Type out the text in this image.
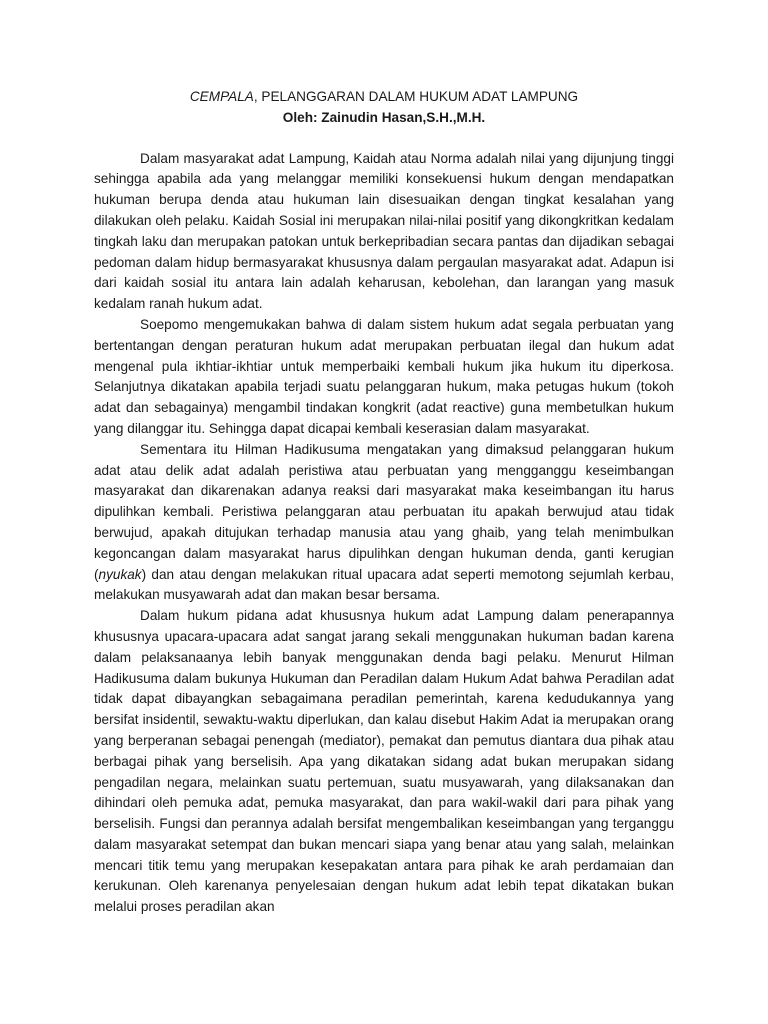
CEMPALA, PELANGGARAN DALAM HUKUM ADAT LAMPUNG

Oleh: Zainudin Hasan,S.H.,M.H.

Dalam masyarakat adat Lampung, Kaidah atau Norma adalah nilai yang dijunjung tinggi sehingga apabila ada yang melanggar memiliki konsekuensi hukum dengan mendapatkan hukuman berupa denda atau hukuman lain disesuaikan dengan tingkat kesalahan yang dilakukan oleh pelaku. Kaidah Sosial ini merupakan nilai-nilai positif yang dikongkritkan kedalam tingkah laku dan merupakan patokan untuk berkepribadian secara pantas dan dijadikan sebagai pedoman dalam hidup bermasyarakat khususnya dalam pergaulan masyarakat adat. Adapun isi dari kaidah sosial itu antara lain adalah keharusan, kebolehan, dan larangan yang masuk kedalam ranah hukum adat.

Soepomo mengemukakan bahwa di dalam sistem hukum adat segala perbuatan yang bertentangan dengan peraturan hukum adat merupakan perbuatan ilegal dan hukum adat mengenal pula ikhtiar-ikhtiar untuk memperbaiki kembali hukum jika hukum itu diperkosa. Selanjutnya dikatakan apabila terjadi suatu pelanggaran hukum, maka petugas hukum (tokoh adat dan sebagainya) mengambil tindakan kongkrit (adat reactive) guna membetulkan hukum yang dilanggar itu. Sehingga dapat dicapai kembali keserasian dalam masyarakat.

Sementara itu Hilman Hadikusuma mengatakan yang dimaksud pelanggaran hukum adat atau delik adat adalah peristiwa atau perbuatan yang mengganggu keseimbangan masyarakat dan dikarenakan adanya reaksi dari masyarakat maka keseimbangan itu harus dipulihkan kembali. Peristiwa pelanggaran atau perbuatan itu apakah berwujud atau tidak berwujud, apakah ditujukan terhadap manusia atau yang ghaib, yang telah menimbulkan kegoncangan dalam masyarakat harus dipulihkan dengan hukuman denda, ganti kerugian (nyukak) dan atau dengan melakukan ritual upacara adat seperti memotong sejumlah kerbau, melakukan musyawarah adat dan makan besar bersama.

Dalam hukum pidana adat khususnya hukum adat Lampung dalam penerapannya khususnya upacara-upacara adat sangat jarang sekali menggunakan hukuman badan karena dalam pelaksanaanya lebih banyak menggunakan denda bagi pelaku. Menurut Hilman Hadikusuma dalam bukunya Hukuman dan Peradilan dalam Hukum Adat bahwa Peradilan adat tidak dapat dibayangkan sebagaimana peradilan pemerintah, karena kedudukannya yang bersifat insidentil, sewaktu-waktu diperlukan, dan kalau disebut Hakim Adat ia merupakan orang yang berperanan sebagai penengah (mediator), pemakat dan pemutus diantara dua pihak atau berbagai pihak yang berselisih. Apa yang dikatakan sidang adat bukan merupakan sidang pengadilan negara, melainkan suatu pertemuan, suatu musyawarah, yang dilaksanakan dan dihindari oleh pemuka adat, pemuka masyarakat, dan para wakil-wakil dari para pihak yang berselisih. Fungsi dan perannya adalah bersifat mengembalikan keseimbangan yang terganggu dalam masyarakat setempat dan bukan mencari siapa yang benar atau yang salah, melainkan mencari titik temu yang merupakan kesepakatan antara para pihak ke arah perdamaian dan kerukunan. Oleh karenanya penyelesaian dengan hukum adat lebih tepat dikatakan bukan melalui proses peradilan akan
